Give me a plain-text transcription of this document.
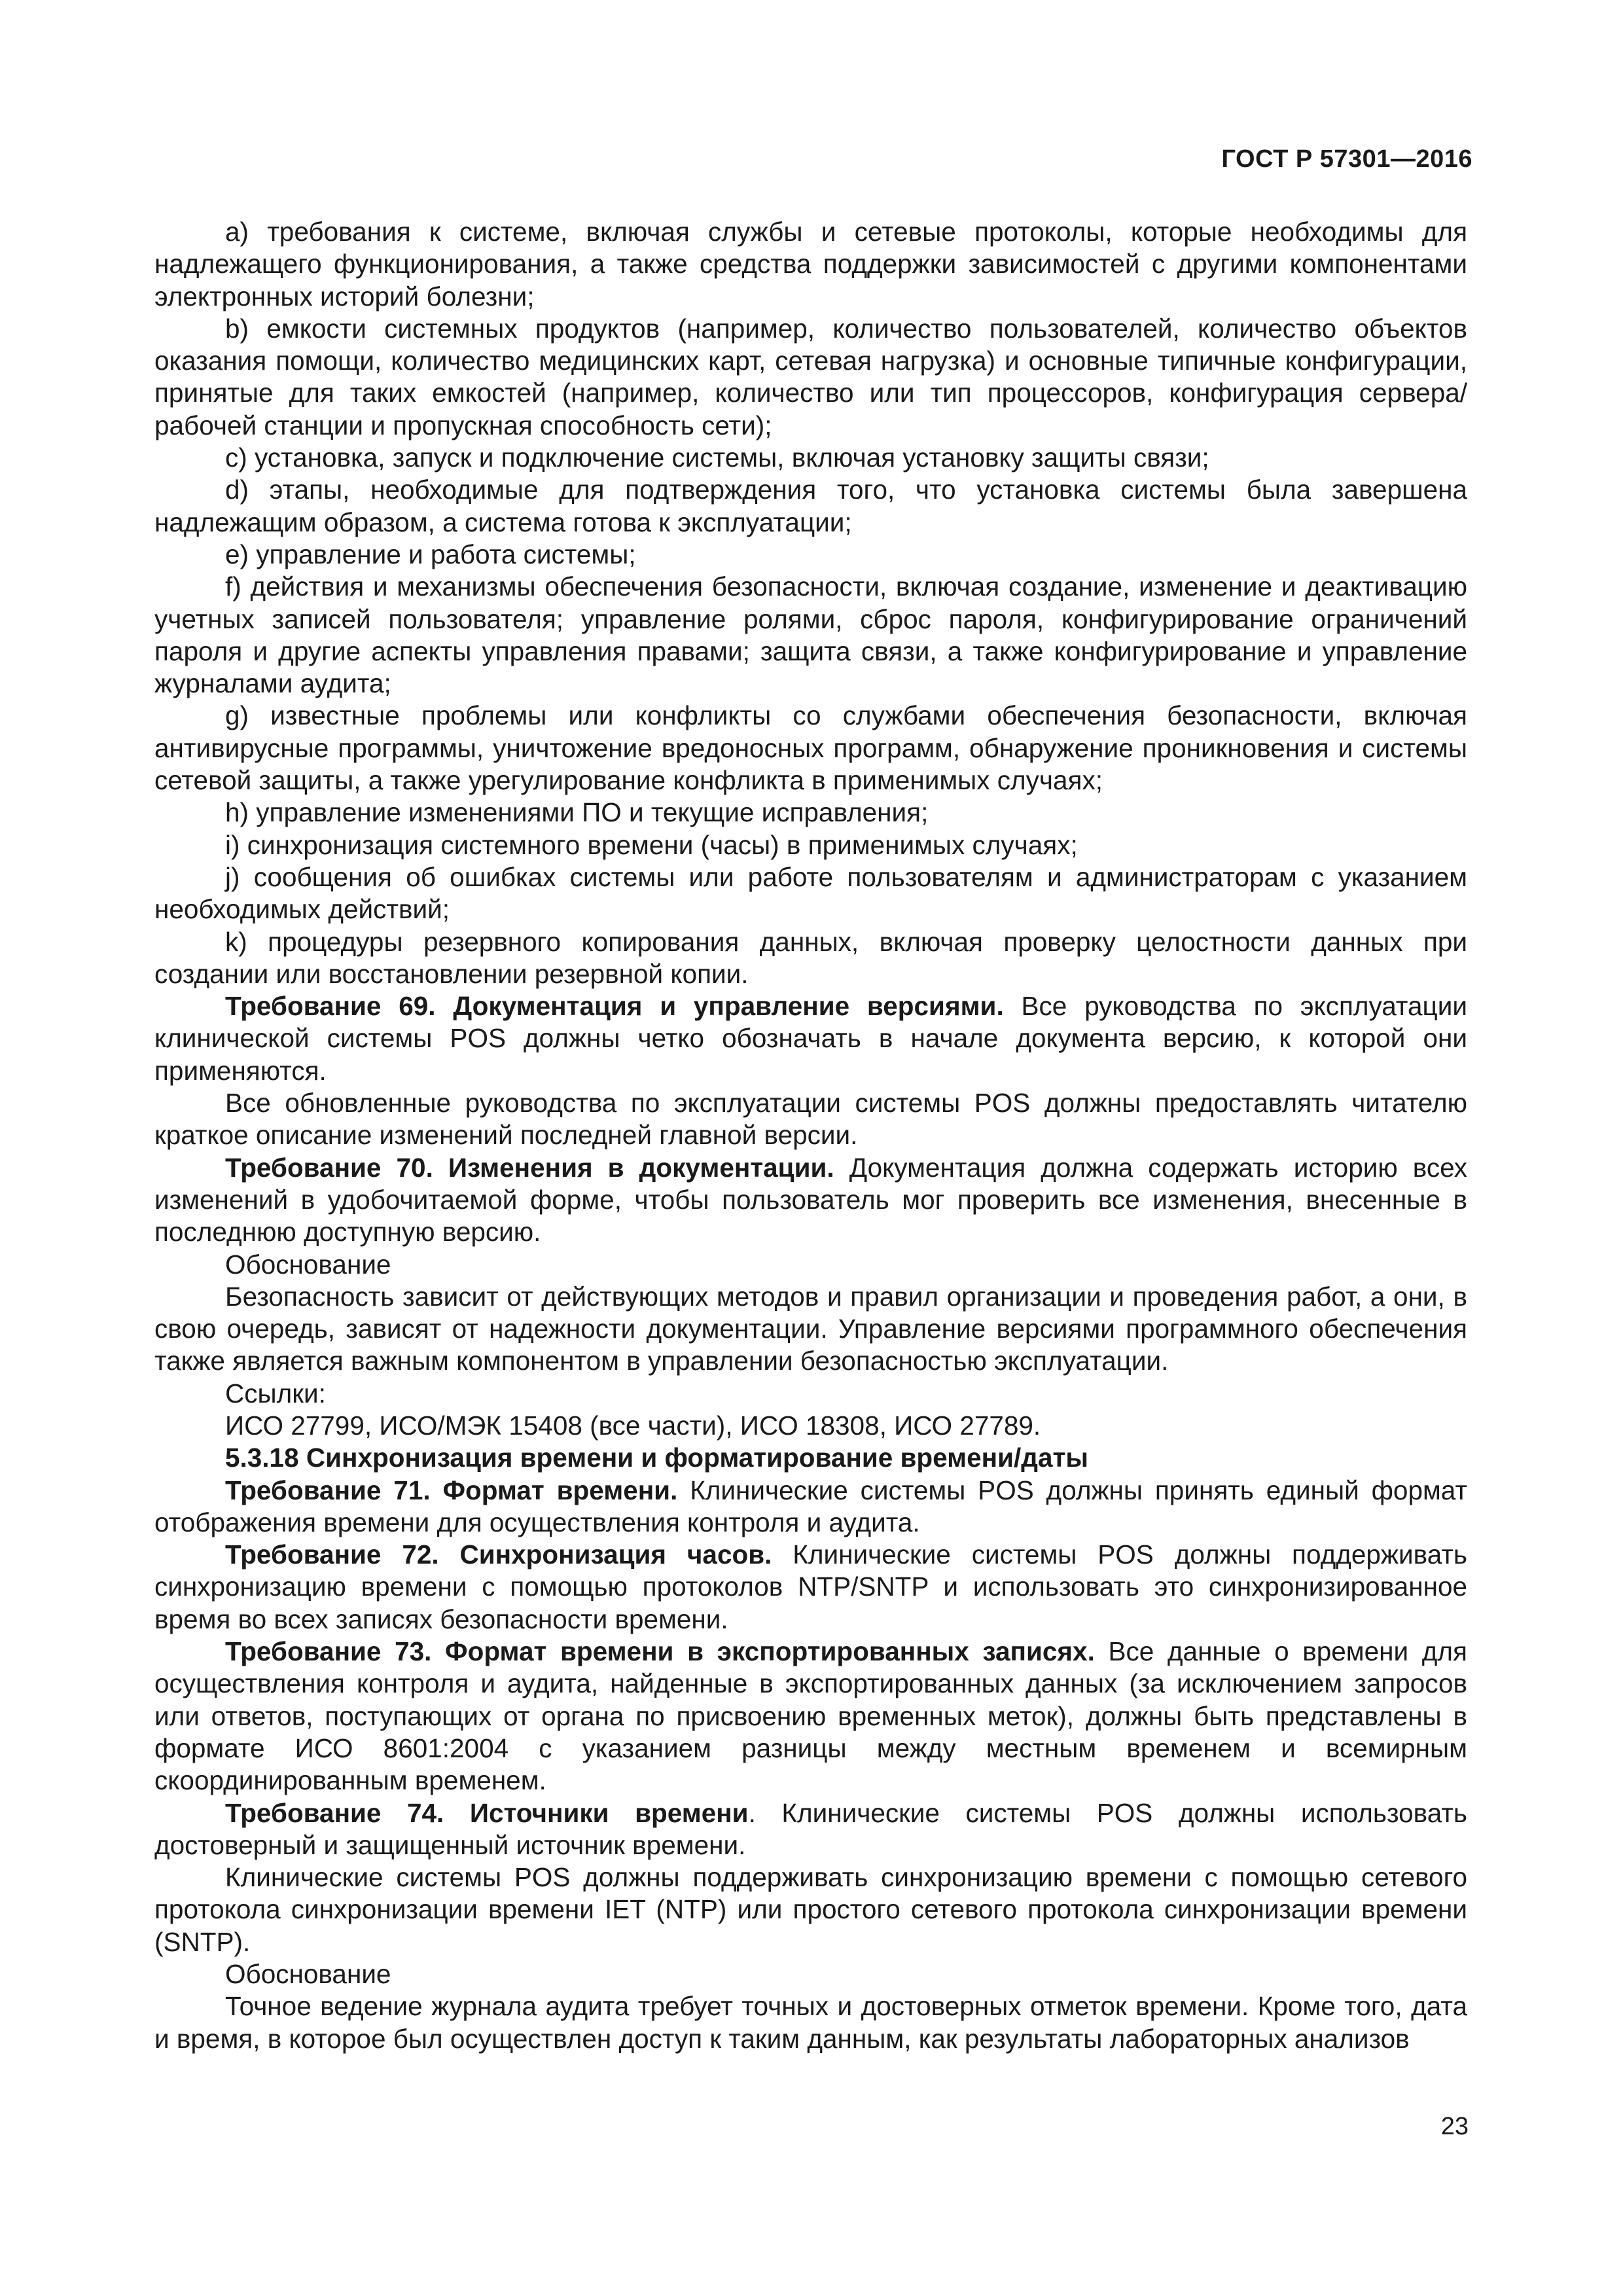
ГОСТ Р 57301—2016

a) требования к системе, включая службы и сетевые протоколы, которые необходимы для надлежащего функционирования, а также средства поддержки зависимостей с другими компонентами электронных историй болезни;

b) емкости системных продуктов (например, количество пользователей, количество объектов оказания помощи, количество медицинских карт, сетевая нагрузка) и основные типичные конфигурации, принятые для таких емкостей (например, количество или тип процессоров, конфигурация сервера/рабочей станции и пропускная способность сети);

c) установка, запуск и подключение системы, включая установку защиты связи;

d) этапы, необходимые для подтверждения того, что установка системы была завершена надлежащим образом, а система готова к эксплуатации;

e) управление и работа системы;

f) действия и механизмы обеспечения безопасности, включая создание, изменение и деактивацию учетных записей пользователя; управление ролями, сброс пароля, конфигурирование ограничений пароля и другие аспекты управления правами; защита связи, а также конфигурирование и управление журналами аудита;

g) известные проблемы или конфликты со службами обеспечения безопасности, включая антивирусные программы, уничтожение вредоносных программ, обнаружение проникновения и системы сетевой защиты, а также урегулирование конфликта в применимых случаях;

h) управление изменениями ПО и текущие исправления;

i) синхронизация системного времени (часы) в применимых случаях;

j) сообщения об ошибках системы или работе пользователям и администраторам с указанием необходимых действий;

k) процедуры резервного копирования данных, включая проверку целостности данных при создании или восстановлении резервной копии.

Требование 69. Документация и управление версиями. Все руководства по эксплуатации клинической системы POS должны четко обозначать в начале документа версию, к которой они применяются.

Все обновленные руководства по эксплуатации системы POS должны предоставлять читателю краткое описание изменений последней главной версии.

Требование 70. Изменения в документации. Документация должна содержать историю всех изменений в удобочитаемой форме, чтобы пользователь мог проверить все изменения, внесенные в последнюю доступную версию.

Обоснование

Безопасность зависит от действующих методов и правил организации и проведения работ, а они, в свою очередь, зависят от надежности документации. Управление версиями программного обеспечения также является важным компонентом в управлении безопасностью эксплуатации.

Ссылки:

ИСО 27799, ИСО/МЭК 15408 (все части), ИСО 18308, ИСО 27789.

5.3.18 Синхронизация времени и форматирование времени/даты

Требование 71. Формат времени. Клинические системы POS должны принять единый формат отображения времени для осуществления контроля и аудита.

Требование 72. Синхронизация часов. Клинические системы POS должны поддерживать синхронизацию времени с помощью протоколов NTP/SNTP и использовать это синхронизированное время во всех записях безопасности времени.

Требование 73. Формат времени в экспортированных записях. Все данные о времени для осуществления контроля и аудита, найденные в экспортированных данных (за исключением запросов или ответов, поступающих от органа по присвоению временных меток), должны быть представлены в формате ИСО 8601:2004 с указанием разницы между местным временем и всемирным скоординированным временем.

Требование 74. Источники времени. Клинические системы POS должны использовать достоверный и защищенный источник времени.

Клинические системы POS должны поддерживать синхронизацию времени с помощью сетевого протокола синхронизации времени IET (NTP) или простого сетевого протокола синхронизации времени (SNTP).

Обоснование

Точное ведение журнала аудита требует точных и достоверных отметок времени. Кроме того, дата и время, в которое был осуществлен доступ к таким данным, как результаты лабораторных анализов

23
